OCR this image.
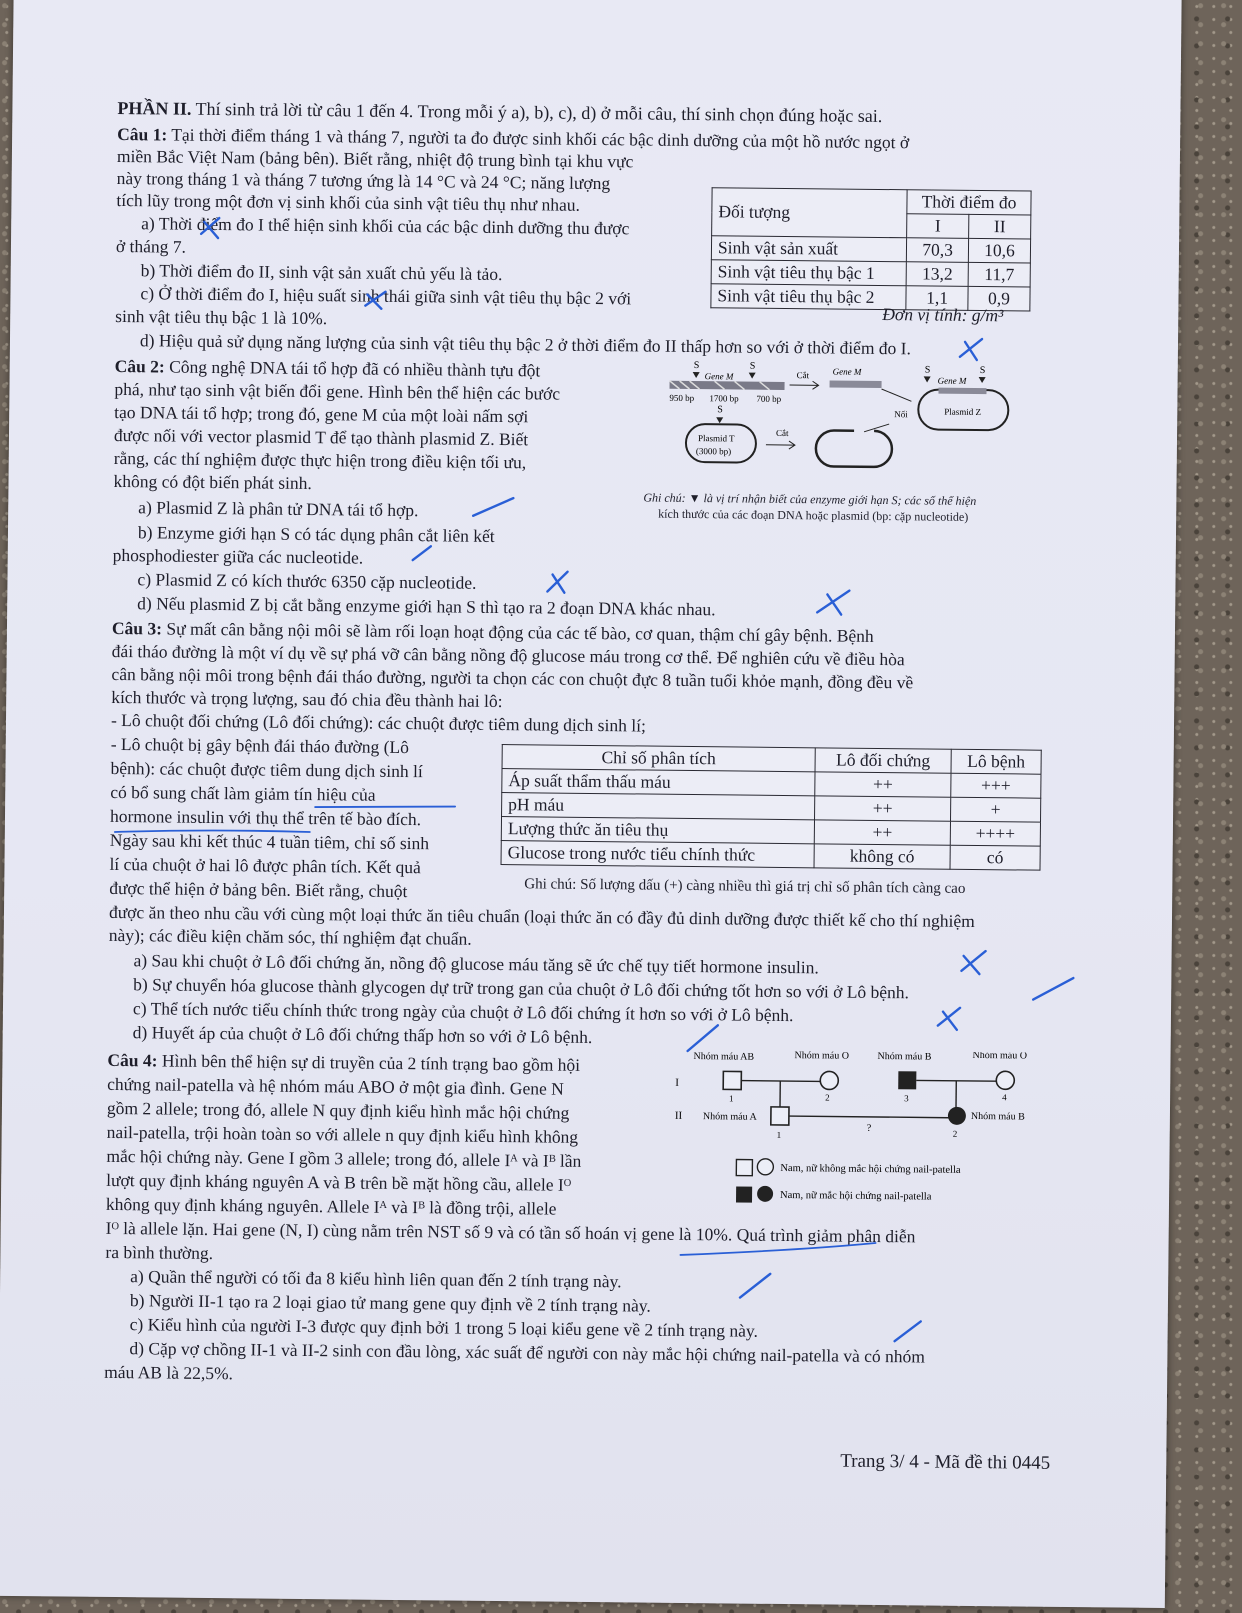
PHẦN II. Thí sinh trả lời từ câu 1 đến 4. Trong mỗi ý a), b), c), d) ở mỗi câu, thí sinh chọn đúng hoặc sai.
Câu 1: Tại thời điểm tháng 1 và tháng 7, người ta đo được sinh khối các bậc dinh dưỡng của một hồ nước ngọt ở
miền Bắc Việt Nam (bảng bên). Biết rằng, nhiệt độ trung bình tại khu vực
này trong tháng 1 và tháng 7 tương ứng là 14 °C và 24 °C; năng lượng
tích lũy trong một đơn vị sinh khối của sinh vật tiêu thụ như nhau.
a) Thời điểm đo I thể hiện sinh khối của các bậc dinh dưỡng thu được
ở tháng 7.
b) Thời điểm đo II, sinh vật sản xuất chủ yếu là tảo.
c) Ở thời điểm đo I, hiệu suất sinh thái giữa sinh vật tiêu thụ bậc 2 với
sinh vật tiêu thụ bậc 1 là 10%.
d) Hiệu quả sử dụng năng lượng của sinh vật tiêu thụ bậc 2 ở thời điểm đo II thấp hơn so với ở thời điểm đo I.
Đối tượng	Thời điểm đo	
	I	II
Sinh vật sản xuất	70,3	10,6
Sinh vật tiêu thụ bậc 1	13,2	11,7
Sinh vật tiêu thụ bậc 2	1,1	0,9
Đơn vị tính: g/m³
Câu 2: Công nghệ DNA tái tổ hợp đã có nhiều thành tựu đột
phá, như tạo sinh vật biến đổi gene. Hình bên thể hiện các bước
tạo DNA tái tổ hợp; trong đó, gene M của một loài nấm sợi
được nối với vector plasmid T để tạo thành plasmid Z. Biết
rằng, các thí nghiệm được thực hiện trong điều kiện tối ưu,
không có đột biến phát sinh.
a) Plasmid Z là phân tử DNA tái tổ hợp.
b) Enzyme giới hạn S có tác dụng phân cắt liên kết
phosphodiester giữa các nucleotide.
c) Plasmid Z có kích thước 6350 cặp nucleotide.
d) Nếu plasmid Z bị cắt bằng enzyme giới hạn S thì tạo ra 2 đoạn DNA khác nhau.
S	S
Gene M
950 bp 1700 bp 700 bp
Cắt	Gene M
Nối
S	S
Gene M
Plasmid Z
S
Plasmid T
(3000 bp)
Cắt
Ghi chú: ▼ là vị trí nhận biết của enzyme giới hạn S; các số thể hiện
kích thước của các đoạn DNA hoặc plasmid (bp: cặp nucleotide)
Câu 3: Sự mất cân bằng nội môi sẽ làm rối loạn hoạt động của các tế bào, cơ quan, thậm chí gây bệnh. Bệnh
đái tháo đường là một ví dụ về sự phá vỡ cân bằng nồng độ glucose máu trong cơ thể. Để nghiên cứu về điều hòa
cân bằng nội môi trong bệnh đái tháo đường, người ta chọn các con chuột đực 8 tuần tuổi khỏe mạnh, đồng đều về
kích thước và trọng lượng, sau đó chia đều thành hai lô:
- Lô chuột đối chứng (Lô đối chứng): các chuột được tiêm dung dịch sinh lí;
- Lô chuột bị gây bệnh đái tháo đường (Lô
bệnh): các chuột được tiêm dung dịch sinh lí
có bổ sung chất làm giảm tín hiệu của
hormone insulin với thụ thể trên tế bào đích.
Ngày sau khi kết thúc 4 tuần tiêm, chỉ số sinh
lí của chuột ở hai lô được phân tích. Kết quả
được thể hiện ở bảng bên. Biết rằng, chuột
được ăn theo nhu cầu với cùng một loại thức ăn tiêu chuẩn (loại thức ăn có đầy đủ dinh dưỡng được thiết kế cho thí nghiệm
này); các điều kiện chăm sóc, thí nghiệm đạt chuẩn.
a) Sau khi chuột ở Lô đối chứng ăn, nồng độ glucose máu tăng sẽ ức chế tụy tiết hormone insulin.
b) Sự chuyển hóa glucose thành glycogen dự trữ trong gan của chuột ở Lô đối chứng tốt hơn so với ở Lô bệnh.
c) Thể tích nước tiểu chính thức trong ngày của chuột ở Lô đối chứng ít hơn so với ở Lô bệnh.
d) Huyết áp của chuột ở Lô đối chứng thấp hơn so với ở Lô bệnh.
Chỉ số phân tích	Lô đối chứng	Lô bệnh
Áp suất thẩm thấu máu	++	+++
pH máu	++	+
Lượng thức ăn tiêu thụ	++	++++
Glucose trong nước tiểu chính thức	không có	có
Ghi chú: Số lượng dấu (+) càng nhiều thì giá trị chỉ số phân tích càng cao
Câu 4: Hình bên thể hiện sự di truyền của 2 tính trạng bao gồm hội
chứng nail-patella và hệ nhóm máu ABO ở một gia đình. Gene N
gồm 2 allele; trong đó, allele N quy định kiểu hình mắc hội chứng
nail-patella, trội hoàn toàn so với allele n quy định kiểu hình không
mắc hội chứng này. Gene I gồm 3 allele; trong đó, allele Iᴬ và Iᴮ lần
lượt quy định kháng nguyên A và B trên bề mặt hồng cầu, allele Iᴼ
không quy định kháng nguyên. Allele Iᴬ và Iᴮ là đồng trội, allele
Iᴼ là allele lặn. Hai gene (N, I) cùng nằm trên NST số 9 và có tần số hoán vị gene là 10%. Quá trình giảm phân diễn
ra bình thường.
a) Quần thể người có tối đa 8 kiểu hình liên quan đến 2 tính trạng này.
b) Người II-1 tạo ra 2 loại giao tử mang gene quy định về 2 tính trạng này.
c) Kiểu hình của người I-3 được quy định bởi 1 trong 5 loại kiểu gene về 2 tính trạng này.
d) Cặp vợ chồng II-1 và II-2 sinh con đầu lòng, xác suất để người con này mắc hội chứng nail-patella và có nhóm
máu AB là 22,5%.
Nhóm máu AB	Nhóm máu O	Nhóm máu B	Nhóm máu O
I
1	2	3	4
II Nhóm máu A	Nhóm máu B
1	2
?
Nam, nữ không mắc hội chứng nail-patella
Nam, nữ mắc hội chứng nail-patella
Trang 3/ 4 - Mã đề thi 0445
